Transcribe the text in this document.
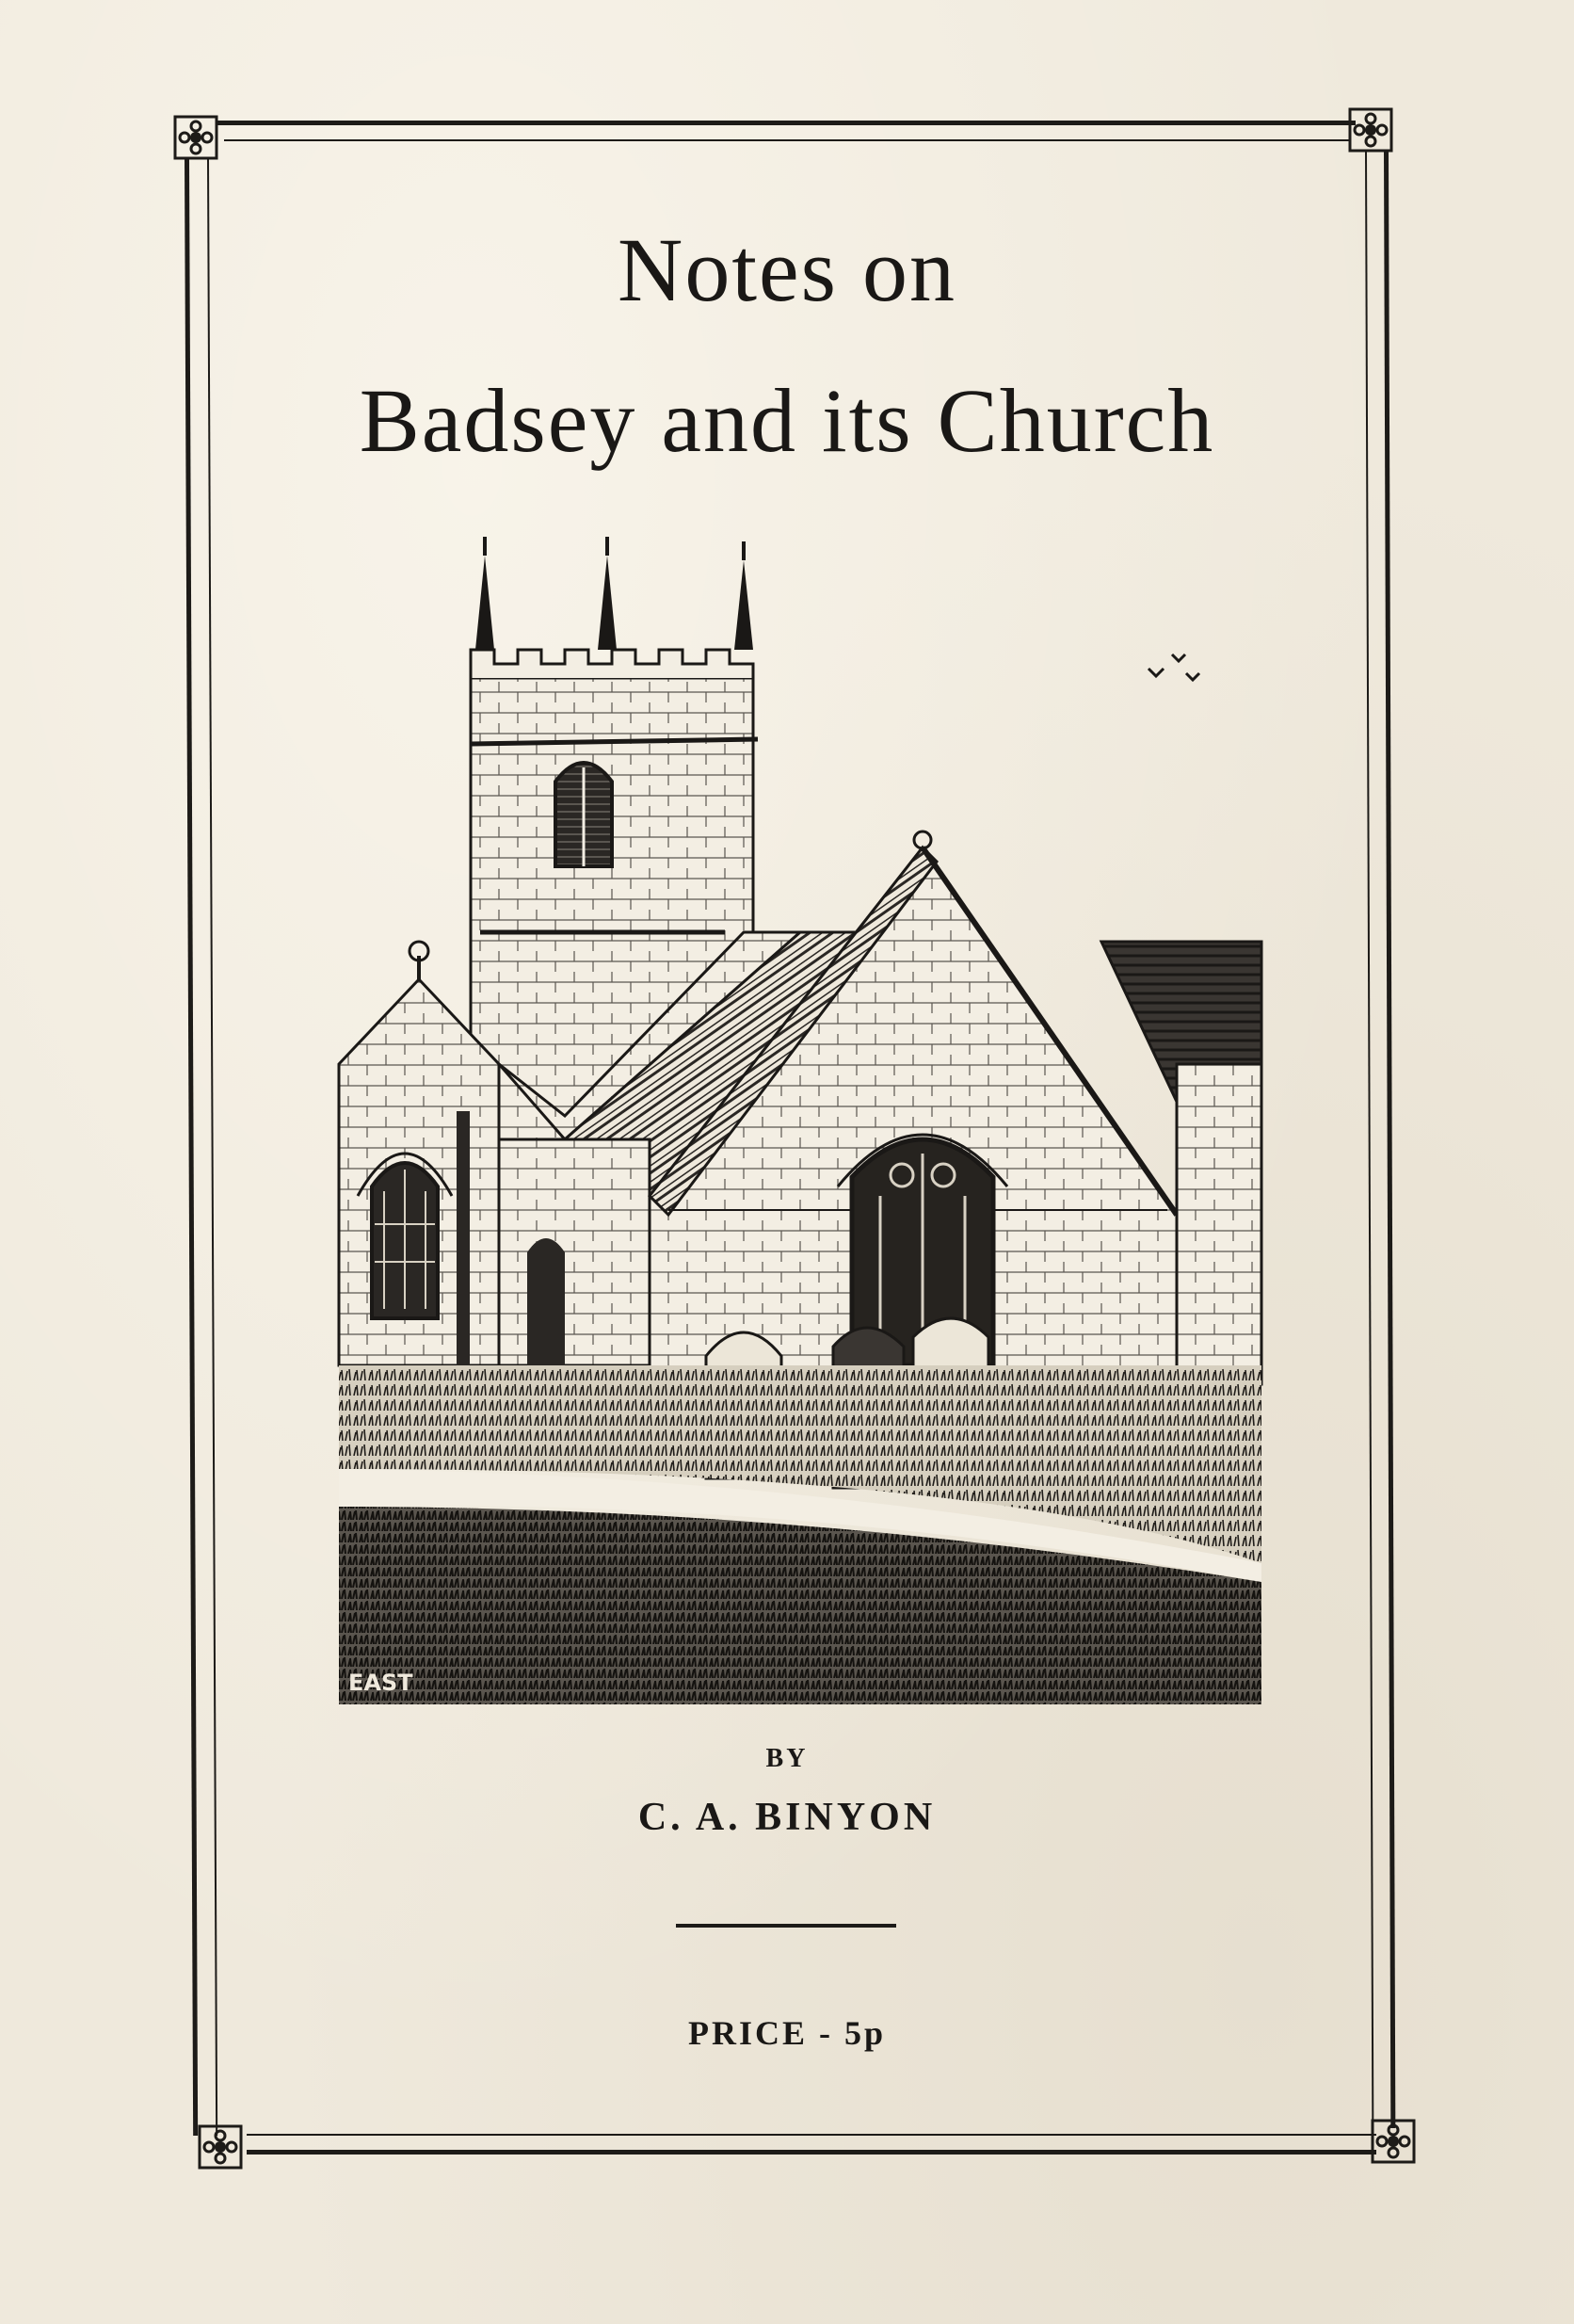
Notes on
Badsey and its Church
EAST

BY

C. A. BINYON

PRICE - 5p
